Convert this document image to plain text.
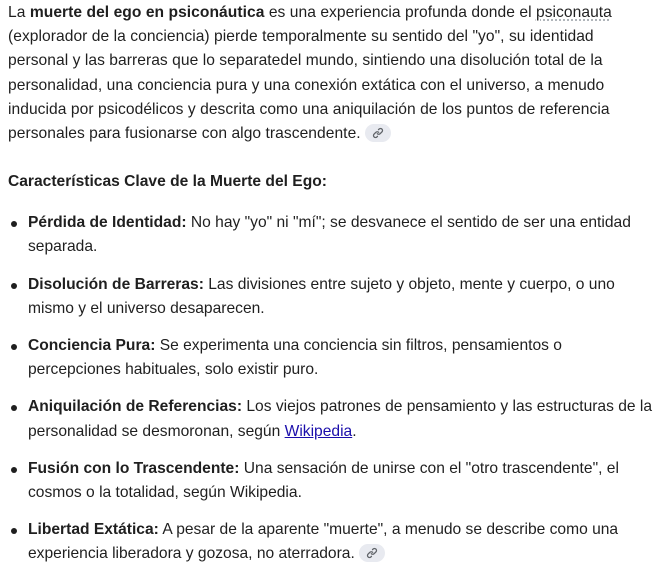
La muerte del ego en psiconáutica es una experiencia profunda donde el psiconauta (explorador de la conciencia) pierde temporalmente su sentido del "yo", su identidad personal y las barreras que lo separatedel mundo, sintiendo una disolución total de la personalidad, una conciencia pura y una conexión extática con el universo, a menudo inducida por psicodélicos y descrita como una aniquilación de los puntos de referencia personales para fusionarse con algo trascendente.

Características Clave de la Muerte del Ego:
Pérdida de Identidad: No hay "yo" ni "mí"; se desvanece el sentido de ser una entidad separada.
Disolución de Barreras: Las divisiones entre sujeto y objeto, mente y cuerpo, o uno mismo y el universo desaparecen.
Conciencia Pura: Se experimenta una conciencia sin filtros, pensamientos o percepciones habituales, solo existir puro.
Aniquilación de Referencias: Los viejos patrones de pensamiento y las estructuras de la personalidad se desmoronan, según Wikipedia.
Fusión con lo Trascendente: Una sensación de unirse con el "otro trascendente", el cosmos o la totalidad, según Wikipedia.
Libertad Extática: A pesar de la aparente "muerte", a menudo se describe como una experiencia liberadora y gozosa, no aterradora.
